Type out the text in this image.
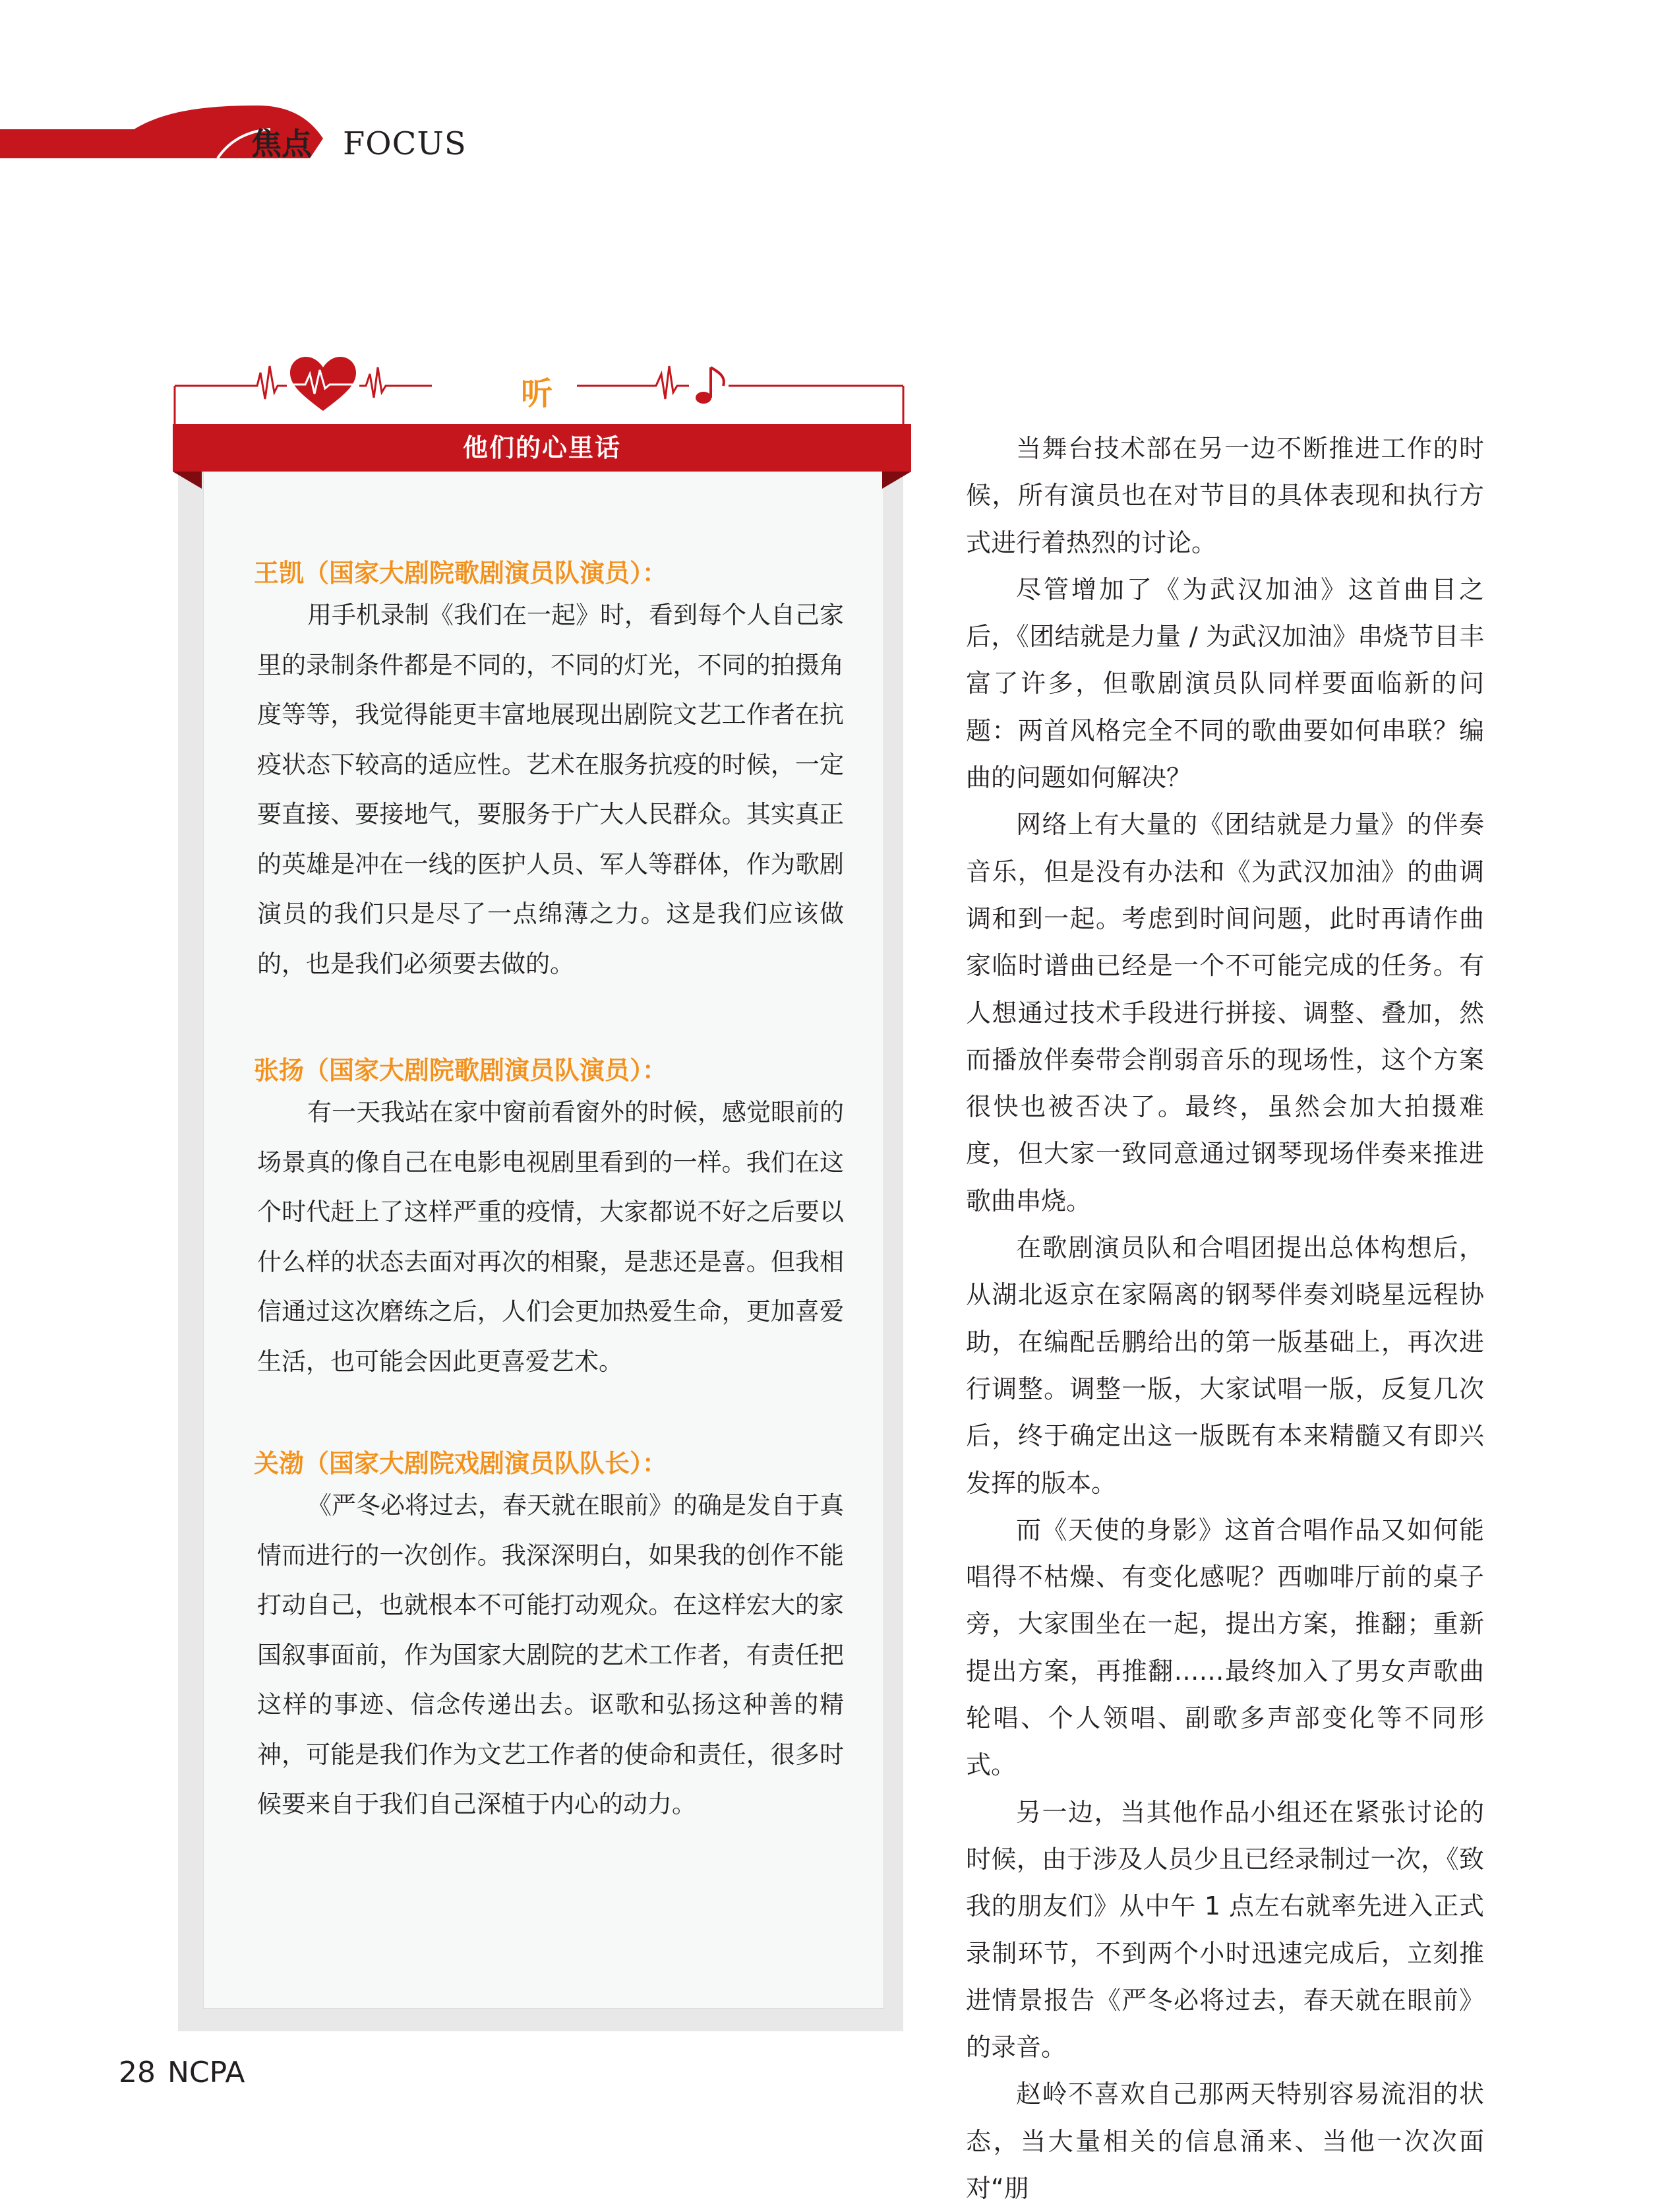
焦点 FOCUS
听
他们的心里话
王凯（国家大剧院歌剧演员队演员）：

用手机录制《我们在一起》时，看到每个人自己家里的录制条件都是不同的，不同的灯光，不同的拍摄角度等等，我觉得能更丰富地展现出剧院文艺工作者在抗疫状态下较高的适应性。艺术在服务抗疫的时候，一定要直接、要接地气，要服务于广大人民群众。其实真正的英雄是冲在一线的医护人员、军人等群体，作为歌剧演员的我们只是尽了一点绵薄之力。这是我们应该做的，也是我们必须要去做的。

张扬（国家大剧院歌剧演员队演员）：

有一天我站在家中窗前看窗外的时候，感觉眼前的场景真的像自己在电影电视剧里看到的一样。我们在这个时代赶上了这样严重的疫情，大家都说不好之后要以什么样的状态去面对再次的相聚，是悲还是喜。但我相信通过这次磨练之后，人们会更加热爱生命，更加喜爱生活，也可能会因此更喜爱艺术。

关渤（国家大剧院戏剧演员队队长）：

《严冬必将过去，春天就在眼前》的确是发自于真情而进行的一次创作。我深深明白，如果我的创作不能打动自己，也就根本不可能打动观众。在这样宏大的家国叙事面前，作为国家大剧院的艺术工作者，有责任把这样的事迹、信念传递出去。讴歌和弘扬这种善的精神，可能是我们作为文艺工作者的使命和责任，很多时候要来自于我们自己深植于内心的动力。

当舞台技术部在另一边不断推进工作的时候，所有演员也在对节目的具体表现和执行方式进行着热烈的讨论。

尽管增加了《为武汉加油》这首曲目之后，《团结就是力量 / 为武汉加油》串烧节目丰富了许多，但歌剧演员队同样要面临新的问题：两首风格完全不同的歌曲要如何串联？编曲的问题如何解决？

网络上有大量的《团结就是力量》的伴奏音乐，但是没有办法和《为武汉加油》的曲调调和到一起。考虑到时间问题，此时再请作曲家临时谱曲已经是一个不可能完成的任务。有人想通过技术手段进行拼接、调整、叠加，然而播放伴奏带会削弱音乐的现场性，这个方案很快也被否决了。最终，虽然会加大拍摄难度，但大家一致同意通过钢琴现场伴奏来推进歌曲串烧。

在歌剧演员队和合唱团提出总体构想后，从湖北返京在家隔离的钢琴伴奏刘晓星远程协助，在编配岳鹏给出的第一版基础上，再次进行调整。调整一版，大家试唱一版，反复几次后，终于确定出这一版既有本来精髓又有即兴发挥的版本。

而《天使的身影》这首合唱作品又如何能唱得不枯燥、有变化感呢？西咖啡厅前的桌子旁，大家围坐在一起，提出方案，推翻；重新提出方案，再推翻……最终加入了男女声歌曲轮唱、个人领唱、副歌多声部变化等不同形式。

另一边，当其他作品小组还在紧张讨论的时候，由于涉及人员少且已经录制过一次，《致我的朋友们》从中午 1 点左右就率先进入正式录制环节，不到两个小时迅速完成后，立刻推进情景报告《严冬必将过去，春天就在眼前》的录音。

赵岭不喜欢自己那两天特别容易流泪的状态，当大量相关的信息涌来、当他一次次面对“朋

28 NCPA
